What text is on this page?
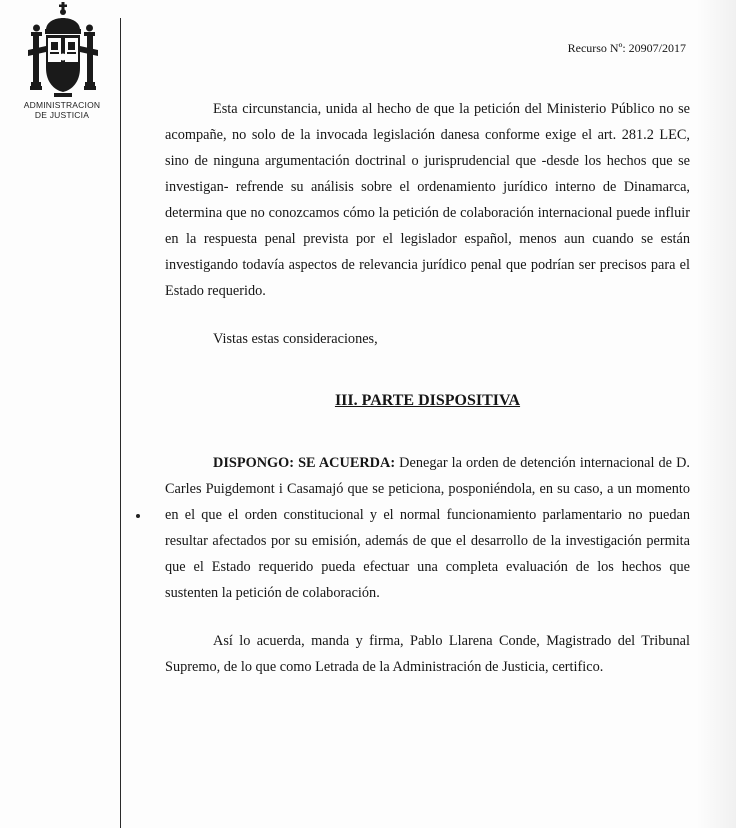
ADMINISTRACION
DE JUSTICIA
Recurso Nº: 20907/2017

Esta circunstancia, unida al hecho de que la petición del Ministerio Público no se acompañe, no solo de la invocada legislación danesa conforme exige el art. 281.2 LEC, sino de ninguna argumentación doctrinal o jurisprudencial que -desde los hechos que se investigan- refrende su análisis sobre el ordenamiento jurídico interno de Dinamarca, determina que no conozcamos cómo la petición de colaboración internacional puede influir en la respuesta penal prevista por el legislador español, menos aun cuando se están investigando todavía aspectos de relevancia jurídico penal que podrían ser precisos para el Estado requerido.

Vistas estas consideraciones,

III. PARTE DISPOSITIVA

DISPONGO: SE ACUERDA: Denegar la orden de detención internacional de D. Carles Puigdemont i Casamajó que se peticiona, posponiéndola, en su caso, a un momento en el que el orden constitucional y el normal funcionamiento parlamentario no puedan resultar afectados por su emisión, además de que el desarrollo de la investigación permita que el Estado requerido pueda efectuar una completa evaluación de los hechos que sustenten la petición de colaboración.

Así lo acuerda, manda y firma, Pablo Llarena Conde, Magistrado del Tribunal Supremo, de lo que como Letrada de la Administración de Justicia, certifico.
